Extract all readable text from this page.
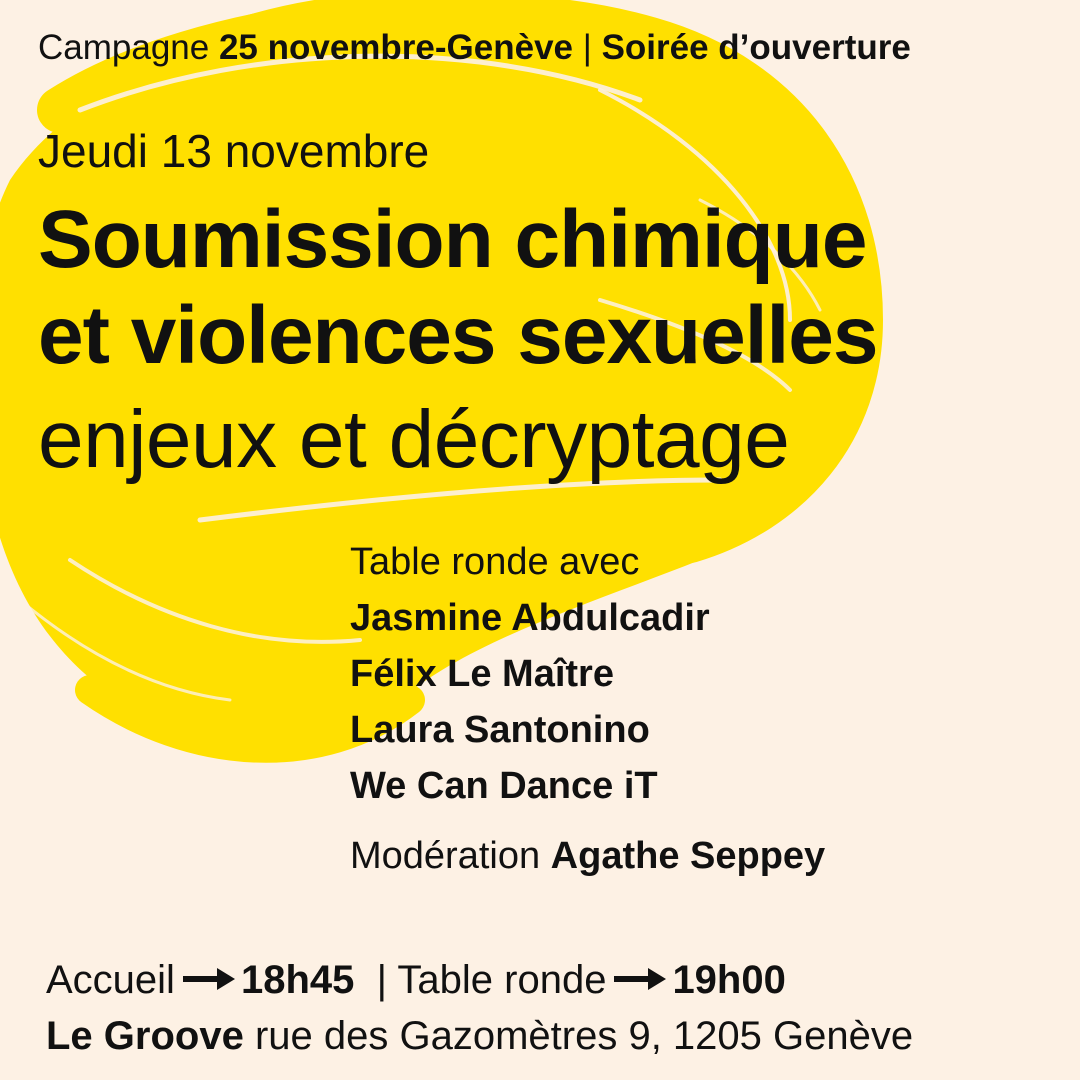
Campagne 25 novembre-Genève | Soirée d’ouverture
Jeudi 13 novembre
Soumission chimique
et violences sexuelles
enjeux et décryptage
Table ronde avec
Jasmine Abdulcadir
Félix Le Maître
Laura Santonino
We Can Dance iT
Modération Agathe Seppey
Accueil 18h45  | Table ronde 19h00
Le Groove rue des Gazomètres 9, 1205 Genève
